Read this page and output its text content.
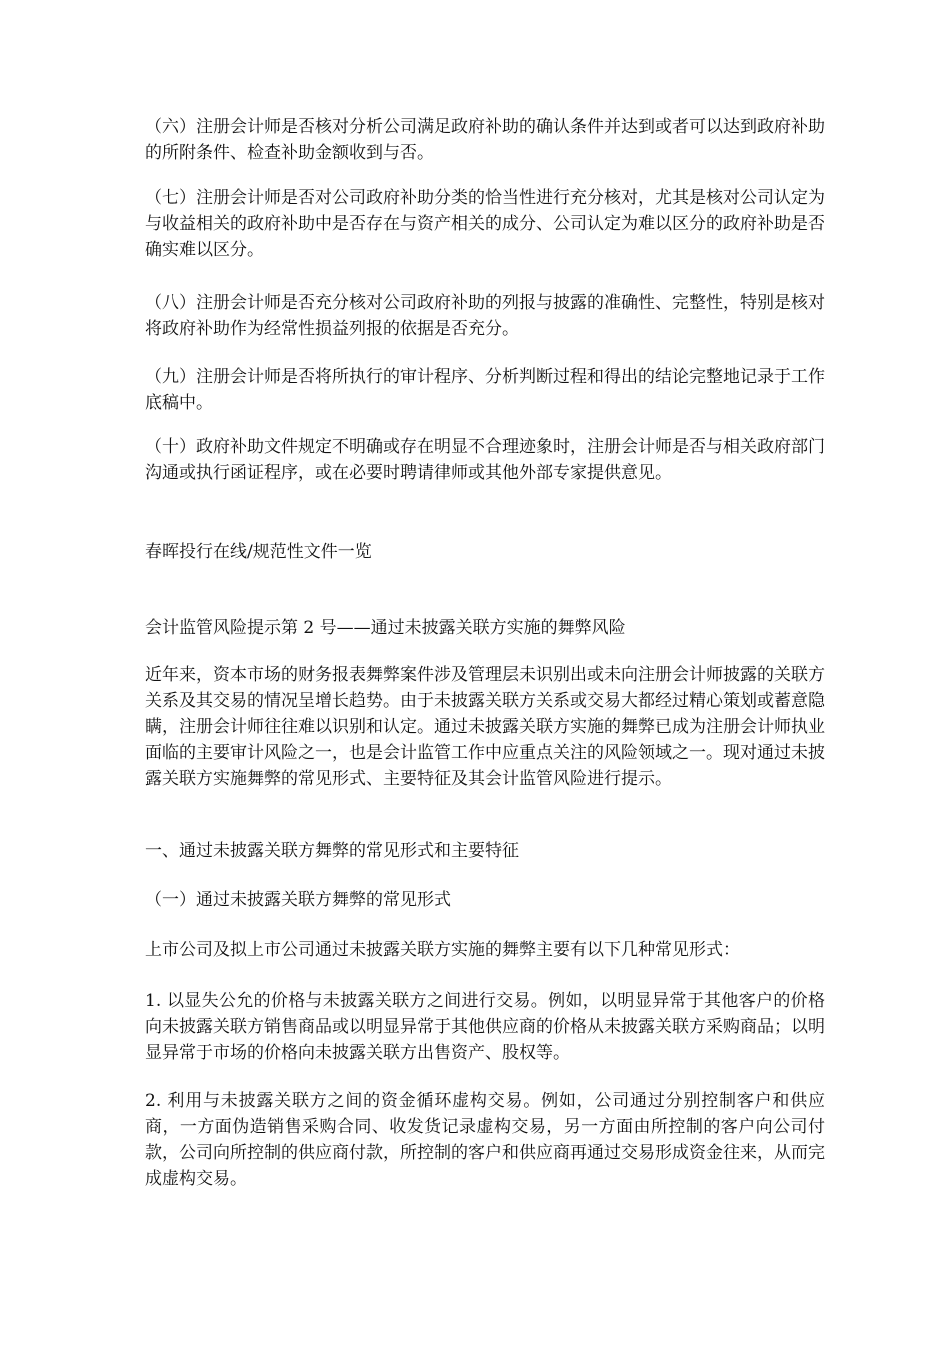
（六）注册会计师是否核对分析公司满足政府补助的确认条件并达到或者可以达到政府补助的所附条件、检查补助金额收到与否。

（七）注册会计师是否对公司政府补助分类的恰当性进行充分核对，尤其是核对公司认定为与收益相关的政府补助中是否存在与资产相关的成分、公司认定为难以区分的政府补助是否确实难以区分。

（八）注册会计师是否充分核对公司政府补助的列报与披露的准确性、完整性，特别是核对将政府补助作为经常性损益列报的依据是否充分。

（九）注册会计师是否将所执行的审计程序、分析判断过程和得出的结论完整地记录于工作底稿中。

（十）政府补助文件规定不明确或存在明显不合理迹象时，注册会计师是否与相关政府部门沟通或执行函证程序，或在必要时聘请律师或其他外部专家提供意见。

春晖投行在线/规范性文件一览

会计监管风险提示第 2 号——通过未披露关联方实施的舞弊风险

近年来，资本市场的财务报表舞弊案件涉及管理层未识别出或未向注册会计师披露的关联方关系及其交易的情况呈增长趋势。由于未披露关联方关系或交易大都经过精心策划或蓄意隐瞒，注册会计师往往难以识别和认定。通过未披露关联方实施的舞弊已成为注册会计师执业面临的主要审计风险之一，也是会计监管工作中应重点关注的风险领域之一。现对通过未披露关联方实施舞弊的常见形式、主要特征及其会计监管风险进行提示。

一、通过未披露关联方舞弊的常见形式和主要特征

（一）通过未披露关联方舞弊的常见形式

上市公司及拟上市公司通过未披露关联方实施的舞弊主要有以下几种常见形式：

1. 以显失公允的价格与未披露关联方之间进行交易。例如，以明显异常于其他客户的价格向未披露关联方销售商品或以明显异常于其他供应商的价格从未披露关联方采购商品；以明显异常于市场的价格向未披露关联方出售资产、股权等。

2. 利用与未披露关联方之间的资金循环虚构交易。例如，公司通过分别控制客户和供应商，一方面伪造销售采购合同、收发货记录虚构交易，另一方面由所控制的客户向公司付款，公司向所控制的供应商付款，所控制的客户和供应商再通过交易形成资金往来，从而完成虚构交易。
